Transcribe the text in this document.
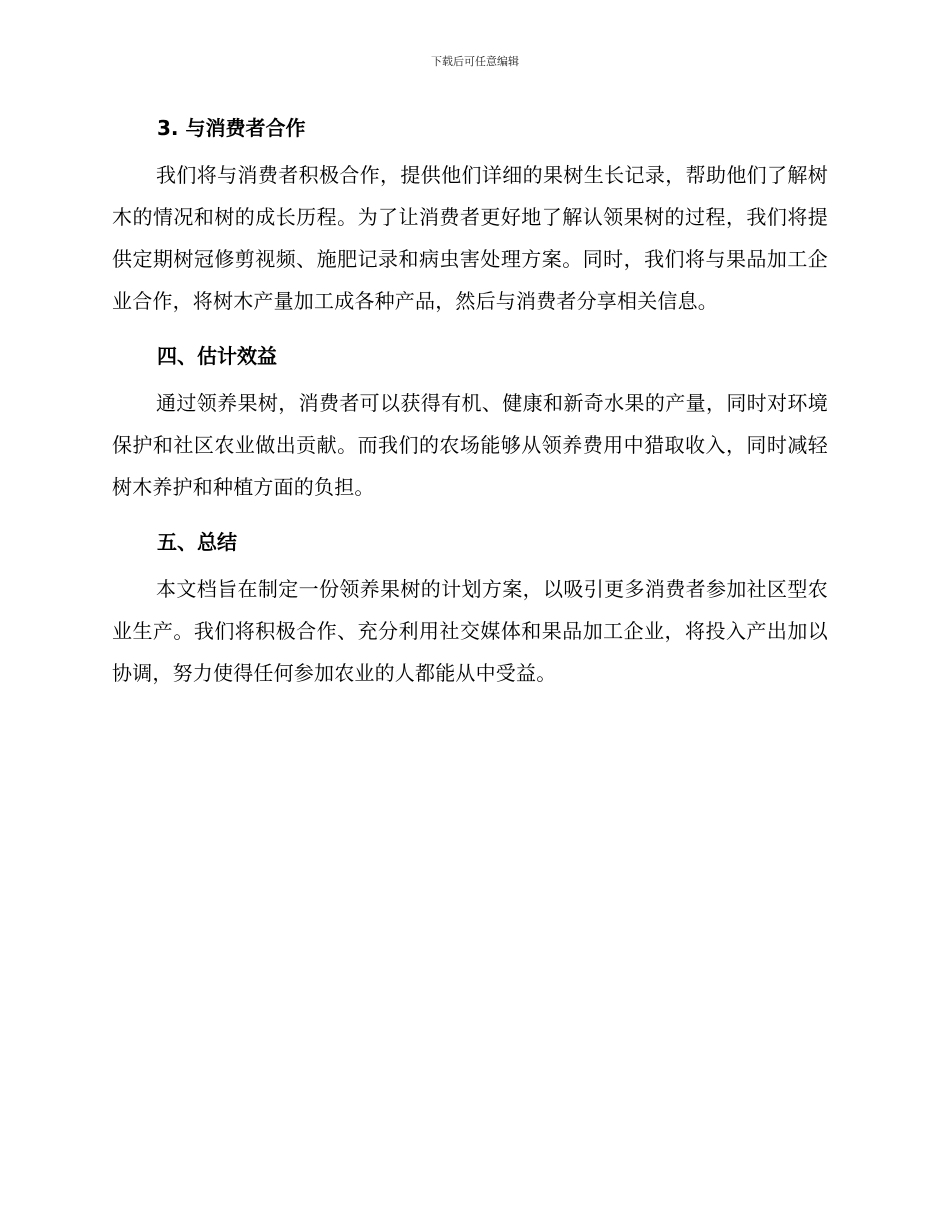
下载后可任意编辑
3. 与消费者合作

我们将与消费者积极合作，提供他们详细的果树生长记录，帮助他们了解树木的情况和树的成长历程。为了让消费者更好地了解认领果树的过程，我们将提供定期树冠修剪视频、施肥记录和病虫害处理方案。同时，我们将与果品加工企业合作，将树木产量加工成各种产品，然后与消费者分享相关信息。

四、估计效益

通过领养果树，消费者可以获得有机、健康和新奇水果的产量，同时对环境保护和社区农业做出贡献。而我们的农场能够从领养费用中猎取收入，同时减轻树木养护和种植方面的负担。

五、总结

本文档旨在制定一份领养果树的计划方案，以吸引更多消费者参加社区型农业生产。我们将积极合作、充分利用社交媒体和果品加工企业，将投入产出加以协调，努力使得任何参加农业的人都能从中受益。
